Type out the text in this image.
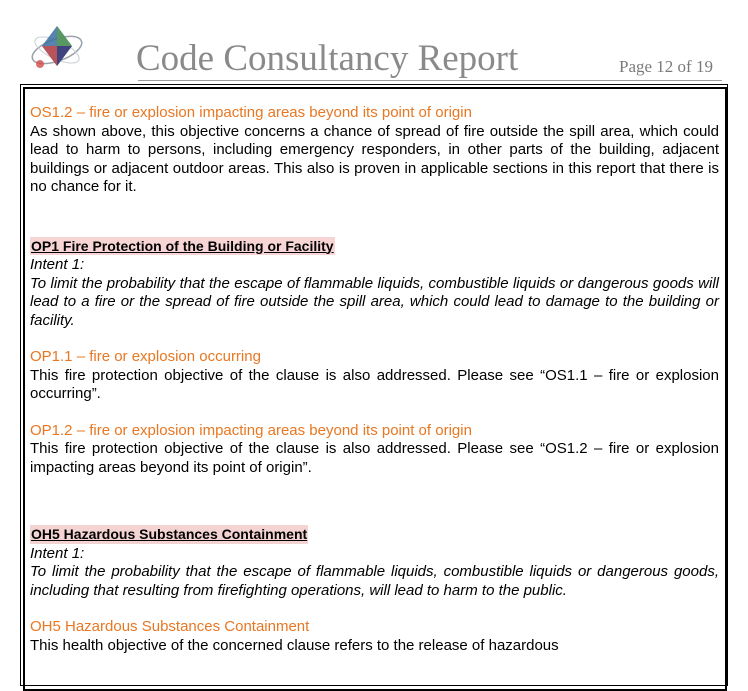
Code Consultancy Report	Page 12 of 19

OS1.2 – fire or explosion impacting areas beyond its point of origin

As shown above, this objective concerns a chance of spread of fire outside the spill area, which could lead to harm to persons, including emergency responders, in other parts of the building, adjacent buildings or adjacent outdoor areas. This also is proven in applicable sections in this report that there is no chance for it.

OP1 Fire Protection of the Building or Facility

Intent 1:

To limit the probability that the escape of flammable liquids, combustible liquids or dangerous goods will lead to a fire or the spread of fire outside the spill area, which could lead to damage to the building or facility.

OP1.1 – fire or explosion occurring

This fire protection objective of the clause is also addressed. Please see “OS1.1 – fire or explosion occurring”.

OP1.2 – fire or explosion impacting areas beyond its point of origin

This fire protection objective of the clause is also addressed. Please see “OS1.2 – fire or explosion impacting areas beyond its point of origin”.

OH5 Hazardous Substances Containment

Intent 1:

To limit the probability that the escape of flammable liquids, combustible liquids or dangerous goods, including that resulting from firefighting operations, will lead to harm to the public.

OH5 Hazardous Substances Containment

This health objective of the concerned clause refers to the release of hazardous
